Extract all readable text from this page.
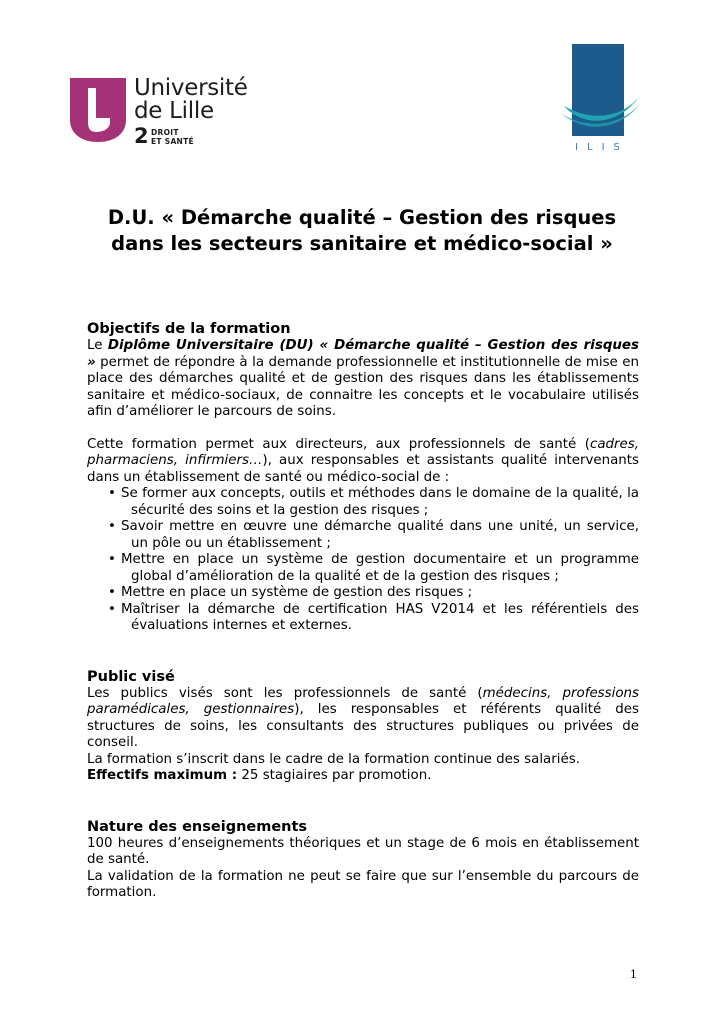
Université
de Lille
2 DROIT
ET SANTÉ
ILIS
D.U. « Démarche qualité – Gestion des risques
dans les secteurs sanitaire et médico-social »
Objectifs de la formation

Le Diplôme Universitaire (DU) « Démarche qualité – Gestion des risques » permet de répondre à la demande professionnelle et institutionnelle de mise en place des démarches qualité et de gestion des risques dans les établissements sanitaire et médico-sociaux, de connaitre les concepts et le vocabulaire utilisés afin d’améliorer le parcours de soins.

Cette formation permet aux directeurs, aux professionnels de santé (cadres, pharmaciens, infirmiers…), aux responsables et assistants qualité intervenants dans un établissement de santé ou médico-social de :

• Se former aux concepts, outils et méthodes dans le domaine de la qualité, la sécurité des soins et la gestion des risques ;
• Savoir mettre en œuvre une démarche qualité dans une unité, un service, un pôle ou un établissement ;
• Mettre en place un système de gestion documentaire et un programme global d’amélioration de la qualité et de la gestion des risques ;
• Mettre en place un système de gestion des risques ;
• Maîtriser la démarche de certification HAS V2014 et les référentiels des évaluations internes et externes.
Public visé

Les publics visés sont les professionnels de santé (médecins, professions paramédicales, gestionnaires), les responsables et référents qualité des structures de soins, les consultants des structures publiques ou privées de conseil.

La formation s’inscrit dans le cadre de la formation continue des salariés.

Effectifs maximum : 25 stagiaires par promotion.

Nature des enseignements

100 heures d’enseignements théoriques et un stage de 6 mois en établissement de santé.

La validation de la formation ne peut se faire que sur l’ensemble du parcours de formation.

1
